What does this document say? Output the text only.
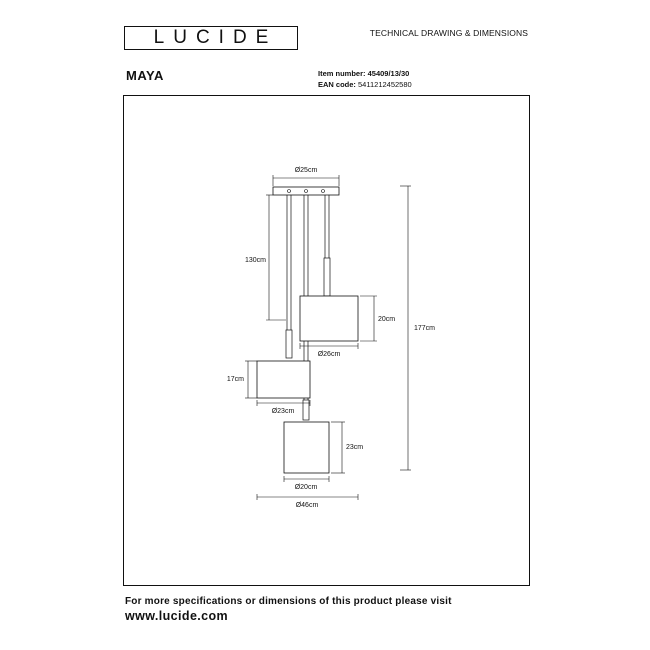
LUCIDE	TECHNICAL DRAWING & DIMENSIONS
MAYA	Item number: 45409/13/30
EAN code: 5411212452580
Ø25cm
130cm
177cm
20cm
Ø26cm
17cm
Ø23cm
23cm
Ø20cm
Ø46cm
For more specifications or dimensions of this product please visit
www.lucide.com
